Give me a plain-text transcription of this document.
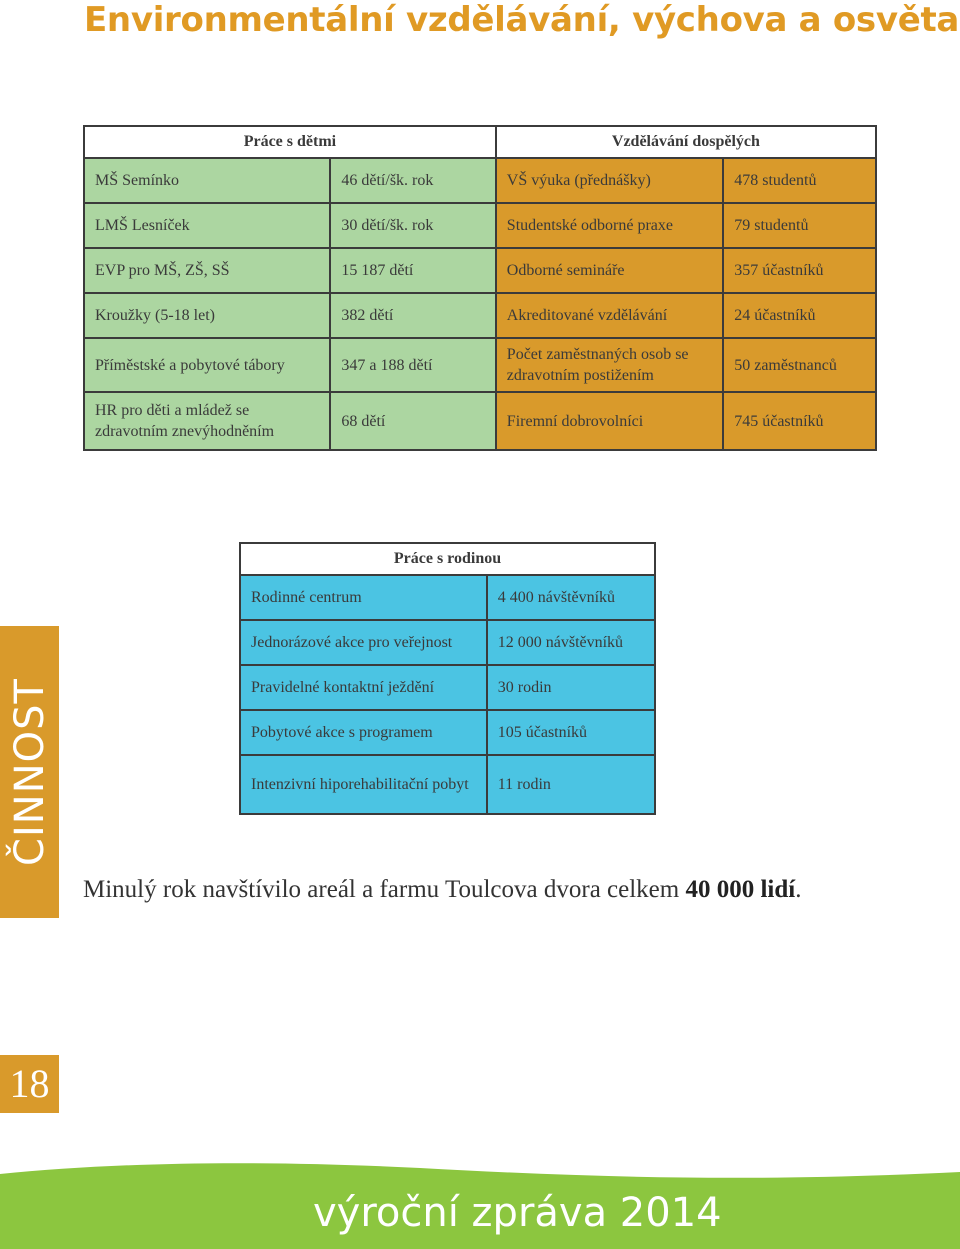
Environmentální vzdělávání, výchova a osvěta
Práce s dětmi		Vzdělávání dospělých	
MŠ Semínko	46 dětí/šk. rok	VŠ výuka (přednášky)	478 studentů
LMŠ Lesníček	30 dětí/šk. rok	Studentské odborné praxe	79 studentů
EVP pro MŠ, ZŠ, SŠ	15 187 dětí	Odborné semináře	357 účastníků
Kroužky (5-18 let)	382 dětí	Akreditované vzdělávání	24 účastníků
Příměstské a pobytové tábory	347 a 188 dětí	Počet zaměstnaných osob se zdravotním postižením	50 zaměstnanců
HR pro děti a mládež se zdravotním znevýhodněním	68 dětí	Firemní dobrovolníci	745 účastníků
Práce s rodinou	
Rodinné centrum	4 400 návštěvníků
Jednorázové akce pro veřejnost	12 000 návštěvníků
Pravidelné kontaktní ježdění	30 rodin
Pobytové akce s programem	105 účastníků
Intenzivní hiporehabilitační pobyt	11 rodin
ČINNOST

Minulý rok navštívilo areál a farmu Toulcova dvora celkem 40 000 lidí.

18
výroční zpráva 2014
